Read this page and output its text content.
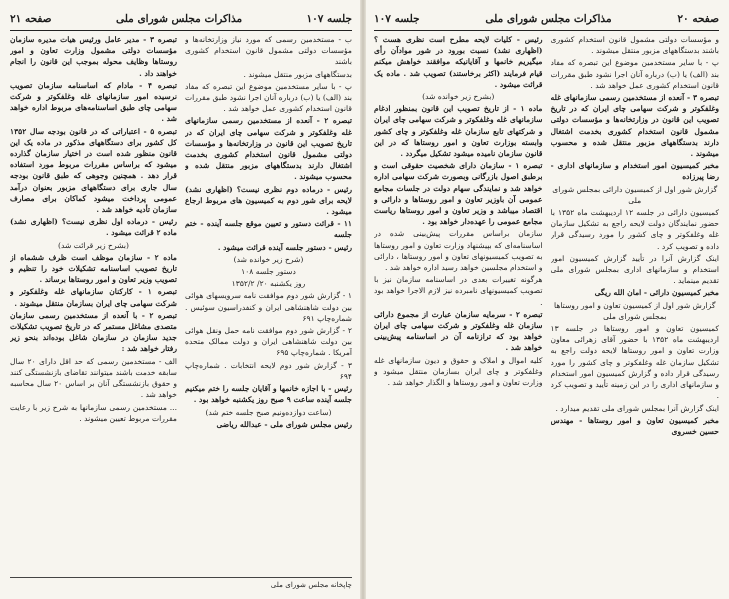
جلسه ۱۰۷
مذاکرات مجلس شورای ملی
صفحه ۲۱

ب - مستخدمین رسمی که مورد نیاز وزارتخانه‌ها و مؤسسات دولتی مشمول قانون استخدام کشوری باشند

بدستگاههای مزبور منتقل میشوند .

پ - با سایر مستخدمین موضوع این تبصره که مفاد بند (الف) یا (ب) درباره آنان اجرا نشود طبق مقررات قانون استخدام کشوری عمل خواهد شد .

تبصره ۲ - آنعده از مستخدمین رسمی سازمانهای غله وغلفکوتر و شرکت سهامی چای ایران که در تاریخ تصویب این قانون در وزارتخانه‌ها و مؤسسات دولتی مشمول قانون استخدام کشوری بخدمت اشتغال دارند بدستگاههای مزبور منتقل شده و محسوب میشوند .

رئیس - درماده دوم نظری نیست؟ (اظهاری نشد) لایحه برای شور دوم به کمیسیون های مربوط ارجاع میشود .

۱۱ - قرائت دستور و تعیین موقع جلسه آینده - ختم جلسه

رئیس - دستور جلسه آینده قرائت میشود .

(شرح زیر خوانده شد)

دستور جلسه ۱۰۸

روز یکشنبه ۲۰/ ۱۳۵۲/۲

۱ - گزارش شور دوم موافقت نامه سرویسهای هوائی بین دولت شاهنشاهی ایران و کنفدراسیون سوئیس . شماره‌چاپ ۶۹۱

۲ - گزارش شور دوم موافقت نامه حمل ونقل هوائی بین دولت شاهنشاهی ایران و دولت ممالک متحده آمریکا . شماره‌چاپ ۶۹۵

۳ - گزارش شور دوم لایحه انتخابات . شماره‌چاپ ۶۹۴

رئیس - با اجازه خانمها و آقایان جلسه را ختم میکنیم جلسه آینده ساعت ۹ صبح روز یکشنبه خواهد بود .

(ساعت دوازده‌ونیم صبح جلسه ختم شد)

رئیس مجلس شورای ملی - عبدالله ریاضی

تبصره ۳ - مدیر عامل ورئیس هیات مدیره سازمان مؤسسات دولتی مشمول وزارت تعاون و امور روستاها وظایف محوله بموجب این قانون را انجام خواهند داد .

تبصره ۴ - مادام که اساسنامه سازمان تصویب نرسیده امور سازمانهای غله وغلفکوتر و شرکت سهامی چای طبق اساسنامه‌های مربوط اداره خواهد شد .

تبصره ۵ - اعتباراتی که در قانون بودجه سال ۱۳۵۲ کل کشور برای دستگاههای مذکور در ماده یک این قانون منظور شده است در اختیار سازمان گذارده میشود که براساس مقررات مربوط مورد استفاده قرار دهد . همچنین وجوهی که طبق قانون بودجه سال جاری برای دستگاههای مزبور بعنوان درآمد عمومی پرداخت میشود کماکان برای مصارف سازمان تأدیه خواهد شد .

رئیس - درماده اول نظری نیست؟ (اظهاری نشد) ماده ۲ قرائت میشود .

(بشرح زیر قرائت شد)

ماده ۲ - سازمان موظف است ظرف ششماه از تاریخ تصویب اساسنامه تشکیلات خود را تنظیم و تصویب وزیر تعاون و امور روستاها برساند .

تبصره ۱ - کارکنان سازمانهای غله وغلفکوتر و شرکت سهامی چای ایران بسازمان منتقل میشوند .

تبصره ۲ - با آنعده از مستخدمین رسمی سازمان متصدی مشاغل مستمر که در تاریخ تصویب تشکیلات جدید سازمان در سازمان شاغل بوده‌اند بنحو زیر رفتار خواهد شد :

الف - مستخدمین رسمی که حد اقل دارای ۲۰ سال سابقه خدمت باشند میتوانند تقاضای بازنشستگی کنند و حقوق بازنشستگی آنان بر اساس ۲۰ سال محاسبه خواهد شد .

... مستخدمین رسمی سازمانها به شرح زیر با رعایت مقررات مربوط تعیین میشوند .

چاپخانه مجلس شورای ملی
صفحه ۲۰
مذاکرات مجلس شورای ملی
جلسه ۱۰۷

و مؤسسات دولتی مشمول قانون استخدام کشوری باشند بدستگاههای مزبور منتقل میشوند .

پ - با سایر مستخدمین موضوع این تبصره که مفاد بند (الف) یا (ب) درباره آنان اجرا نشود طبق مقررات قانون استخدام کشوری عمل خواهد شد .

تبصره ۳ - آنعده از مستخدمین رسمی سازمانهای غله وغلفکوتر و شرکت سهامی چای ایران که در تاریخ تصویب این قانون در وزارتخانه‌ها و مؤسسات دولتی مشمول قانون استخدام کشوری بخدمت اشتغال دارند بدستگاههای مزبور منتقل شده و محسوب میشوند .

مخبر کمیسیون امور استخدام و سازمانهای اداری - رضا پیرزاده

گزارش شور اول از کمیسیون دارائی بمجلس شورای ملی

کمیسیون دارائی در جلسه ۱۲ اردیبهشت ماه ۱۳۵۲ با حضور نمایندگان دولت لایحه راجع به تشکیل سازمان غله وغلفکوتر و چای کشور را مورد رسیدگی قرار داده و تصویب کرد .

اینک گزارش آنرا در تأیید گزارش کمیسیون امور استخدام و سازمانهای اداری بمجلس شورای ملی تقدیم مینماید .

مخبر کمیسیون دارائی - امان الله ریگی

گزارش شور اول از کمیسیون تعاون و امور روستاها بمجلس شورای ملی

کمیسیون تعاون و امور روستاها در جلسه ۱۳ اردیبهشت ماه ۱۳۵۲ با حضور آقای زهرائی معاون وزارت تعاون و امور روستاها لایحه دولت راجع به تشکیل سازمان غله وغلفکوتر و چای کشور را مورد رسیدگی قرار داده و گزارش کمیسیون امور استخدام و سازمانهای اداری را در این زمینه تأیید و تصویب کرد .

اینک گزارش آنرا بمجلس شورای ملی تقدیم میدارد .

مخبر کمیسیون تعاون و امور روستاها - مهندس حسین خسروی

رئیس - کلیات لایحه مطرح است نظری هست ؟ (اظهاری نشد) نسبت بورود در شور موادآن رأی میگیریم خانمها و آقایانیکه موافقند خواهش میکنم قیام فرمایند (اکثر برخاستند) تصویب شد . ماده یک قرائت میشود .

(بشرح زیر خوانده شد)

ماده ۱ - از تاریخ تصویب این قانون بمنظور ادغام سازمانهای غله وغلفکوتر و شرکت سهامی چای ایران و شرکتهای تابع سازمان غله وغلفکوتر و چای کشور وابسته بوزارت تعاون و امور روستاها که در این قانون سازمان نامیده میشود تشکیل میگردد .

تبصره ۱ - سازمان دارای شخصیت حقوقی است و برطبق اصول بازرگانی وبصورت شرکت سهامی اداره خواهد شد و نمایندگی سهام دولت در جلسات مجامع عمومی آن باوزیر تعاون و امور روستاها و دارائی و اقتصاد میباشد و وزیر تعاون و امور روستاها ریاست مجامع عمومی را عهده‌دار خواهد بود .

سازمان براساس مقررات پیش‌بینی شده در اساسنامه‌ای که بپیشنهاد وزارت تعاون و امور روستاها به تصویب کمیسیونهای تعاون و امور روستاها ، دارائی و استخدام مجلسین خواهد رسید اداره خواهد شد .

هرگونه تغییرات بعدی در اساسنامه سازمان نیز با تصویب کمیسیونهای نامبرده نیز لازم الاجرا خواهد بود .

تبصره ۲ - سرمایه سازمان عبارت از مجموع دارائی سازمان غله وغلفکوتر و شرکت سهامی چای ایران خواهد بود که ترازنامه آن در اساسنامه پیش‌بینی خواهد شد .

کلیه اموال و املاک و حقوق و دیون سازمانهای غله وغلفکوتر و چای ایران بسازمان منتقل میشود و وزارت تعاون و امور روستاها و الگذار خواهد شد .
